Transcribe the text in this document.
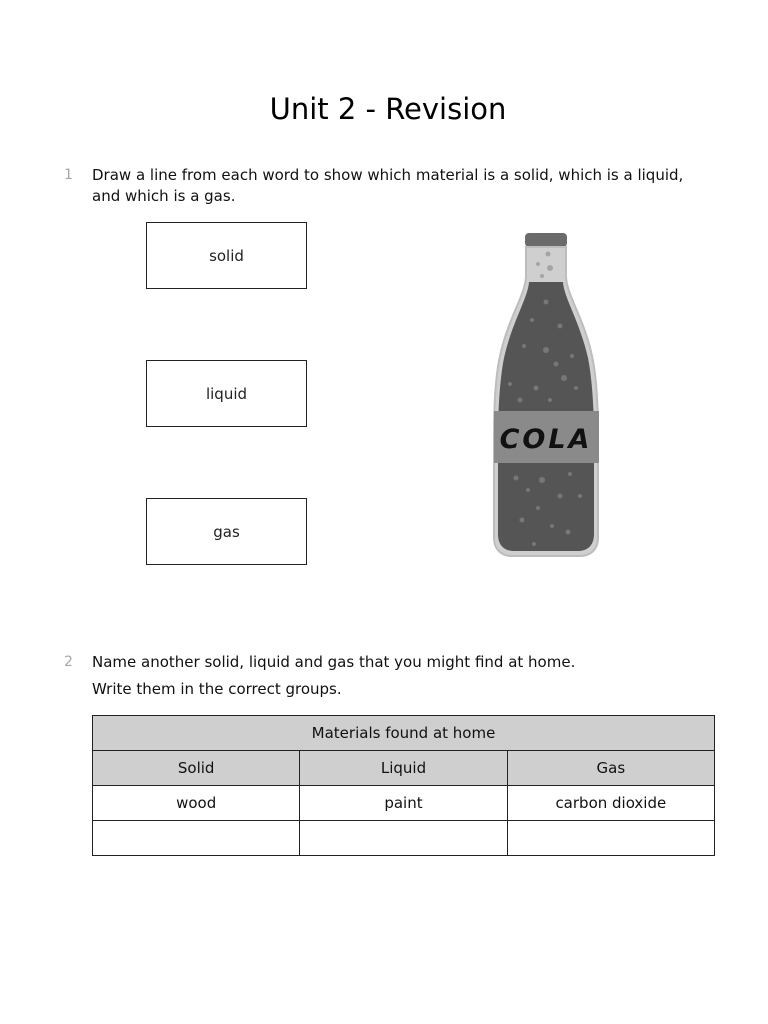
Unit 2 - Revision
1 Draw a line from each word to show which material is a solid, which is a liquid,

and which is a gas.

solid
liquid
gas
COLA
2 Name another solid, liquid and gas that you might find at home.

Write them in the correct groups.

Materials found at home		
Solid	Liquid	Gas
wood	paint	carbon dioxide
